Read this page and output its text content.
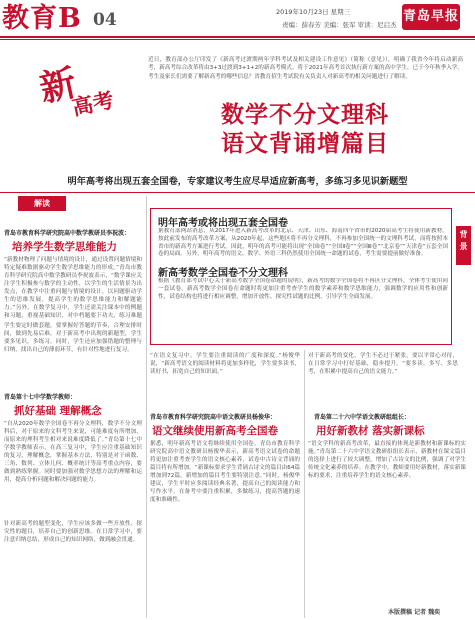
教育B 04	2019年10月23日 星期三
责编：薛春芳 美编：张军 审读：尼启杰
青岛早报
新
高考
近日，教育部办公厅印发了《新高考过渡期两年学科考试及相关建设工作意见》（简称《意见》），明确了我省今年将启动新高考，新高考综合改革将由3+3过渡到3+1+2的新高考模式。将于2021年高考首次执行新方案的高中学生，已于今年秋季入学。考生及家长们需要了解新高考的哪些信息？省教育招生考试院有关负责人对新高考的相关问题进行了解读。
数学不分文理科
语文背诵增篇目
明年高考将出现五套全国卷，专家建议考生应尽早适应新高考，多练习多见识新题型
解读
背
景
青岛市教育科学研究院高中数学教研员李祝波：
培养学生数学思维能力
“新教材物理了问题与情境的设计，通过设置问题情境和特定疑难数据驱动学生数学思维能力的形成。”青岛市教育科学研究院高中数学教研员李祝波表示，“数学课应关注学生积极参与数学的主动性，以学生的生活情景为出发点，在教学中注重问题与情境的设计，以问题驱动学生的思维发展，提高学生的数学思维能力和解题能力。”另外，在数学复习中，学生还需关注课本中的例题和习题，重视基础知识，对中档题要下功夫，练习难题
学生要定时做套题，要掌握好答题的节奏，合理安排时间，做到先易后难，对于新高考中出现的新题型，学生要多见识，多练习。同时，学生还应加强错题的整理与归纳，找出自己的薄弱环节，有针对性地进行复习。
青岛第十七中学数学教师：
抓好基础 理解概念
“自从2020年数学全国卷不再分文理科，数学不分文理科后，对于原来的文科考生来说，可能难度有所增加，而原来的理科考生相对来说难度降低了。”青岛第十七中学数学教师表示，在高三复习中，学生应注重基础知识的复习，理解概念，掌握基本方法，特别是对于函数、三角、数列、立体几何、概率统计等高考重点内容，要做到熟练掌握。同时要加强对数学思想方法的理解和运用，提高分析问题和解决问题的能力。
针对新高考的题型变化，学生应该多做一些开放性、探究性的题目，培养自己的创新思维。在日常学习中，要注意归纳总结，形成自己的知识网络，做到融会贯通。
明年高考或将出现五套全国卷
据教育部网站消息，从2017年进入新高考改革的北京、天津、山东、海南四个省市的2020届高考生将使用新教材。按此前发布的高考改革方案，从2020年起，这些地区将不再分文理科，不再参加全国统一的文理科考试，而将按照本省市的新高考方案进行考试。因此，明年的高考可能将出现“全国Ⅰ卷”“全国Ⅱ卷”“全国Ⅲ卷”“北京卷”“天津卷”五套全国卷的局面。另外，明年高考的语文、数学、外语三科仍然使用全国统一命题的试卷，考生需要提前做好准备。
新高考数学全国卷不分文理科
根据《教育部考试中心关于新高考数学全国卷命题的说明》，新高考的数学全国卷将不再区分文理科，全体考生使用同一套试卷。新高考数学全国卷在命题时将更加注重考查学生的数学素养和数学思维能力，强调数学的应用性和创新性，试卷结构也将进行相应调整，增加开放性、探究性试题的比例，引导学生全面发展。
“在语文复习中，学生要注重阅读的广度和深度。”杨俊华说，“新高考语文的阅读材料将更加多样化，学生要多读书，读好书，拓宽自己的知识面。”
青岛市教育科学研究院高中语文教研员杨俊华：
语文继续使用新高考全国卷
据悉，明年新高考语文将继续使用全国卷。青岛市教育科学研究院高中语文教研员杨俊华表示，新高考语文试卷的命题将更加注重考查学生的语文核心素养，试卷中古诗文背诵的篇目将有所增加。“新课标要求学生背诵古诗文的篇目由64篇增加到72篇，新增加的篇目考生要特别注意。”同时，杨俊华建议，学生平时应多阅读经典名著，提高自己的阅读能力和写作水平。在备考中要注重积累，多做练习，提高答题的速度和准确性。
对于新高考的变化，学生不必过于紧张，要以平常心对待，在日常学习中打好基础，稳步提升。“要多读、多写、多思考，在积累中提高自己的语文能力。”
青岛第二十六中学语文教研组组长：
用好新教材 落实新课标
“语文学科的新高考改革，最直接的体现是新教材和新课标的实施。”青岛第二十六中学语文教研组组长表示，新教材在课文篇目的选择上进行了较大调整，增加了古诗文的比例，强调了对学生传统文化素养的培养。在教学中，教师要用好新教材，落实新课标的要求，注重培养学生的语文核心素养。
本版撰稿 记者 魏奕
